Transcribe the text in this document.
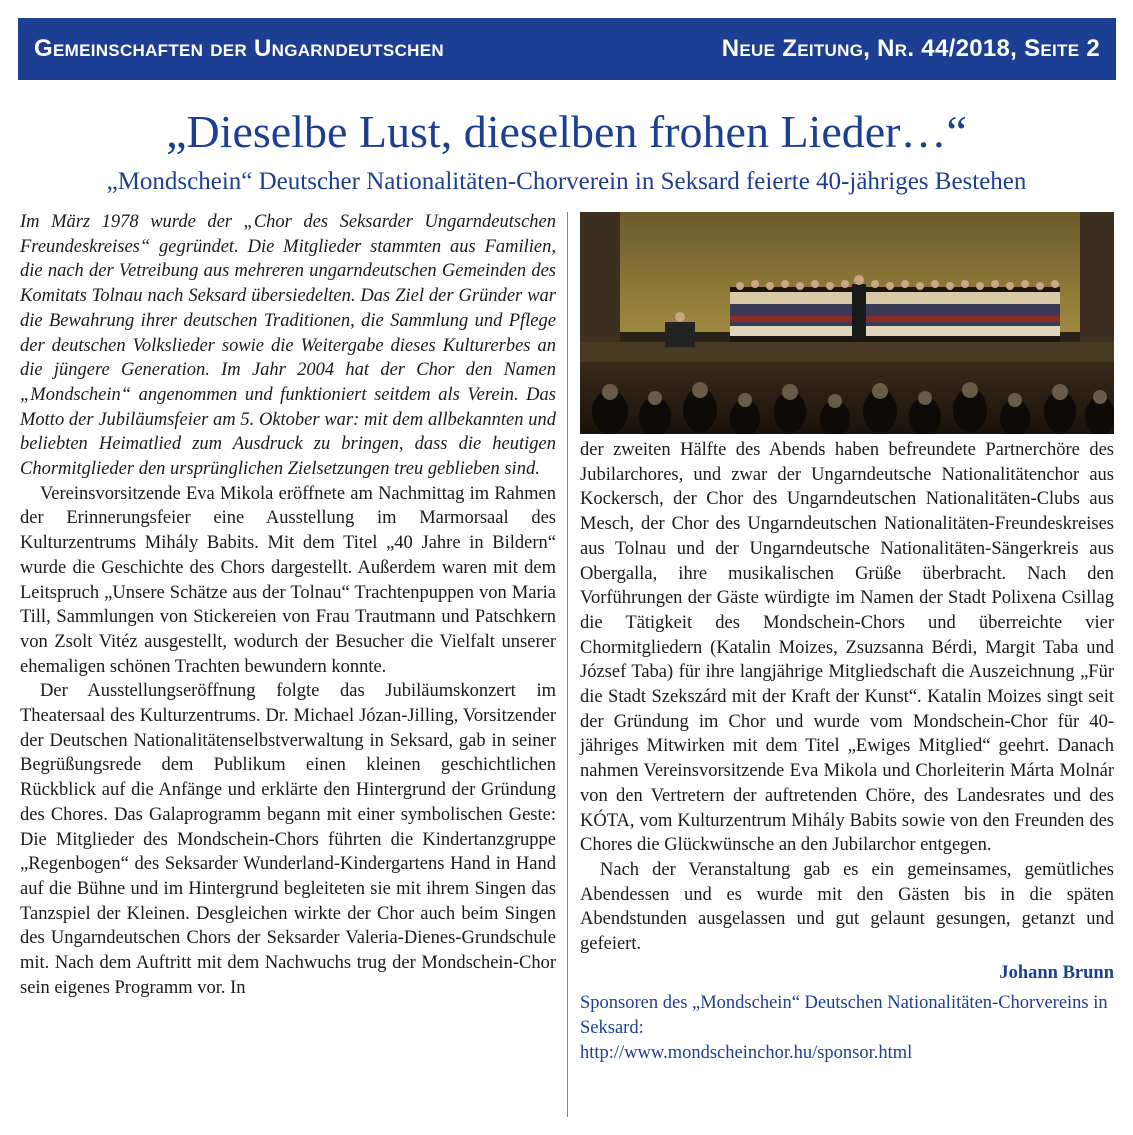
Gemeinschaften der Ungarndeutschen	Neue Zeitung, Nr. 44/2018, Seite 2
„Dieselbe Lust, dieselben frohen Lieder…“
„Mondschein“ Deutscher Nationalitäten-Chorverein in Seksard feierte 40-jähriges Bestehen

Im März 1978 wurde der „Chor des Seksarder Ungarndeutschen Freundeskreises“ gegründet. Die Mitglieder stammten aus Familien, die nach der Vetreibung aus mehreren ungarndeutschen Gemeinden des Komitats Tolnau nach Seksard übersiedelten. Das Ziel der Gründer war die Bewahrung ihrer deutschen Traditionen, die Sammlung und Pflege der deutschen Volkslieder sowie die Weitergabe dieses Kulturerbes an die jüngere Generation. Im Jahr 2004 hat der Chor den Namen „Mondschein“ angenommen und funktioniert seitdem als Verein. Das Motto der Jubiläumsfeier am 5. Oktober war: mit dem allbekannten und beliebten Heimatlied zum Ausdruck zu bringen, dass die heutigen Chormitglieder den ursprünglichen Zielsetzungen treu geblieben sind.

Vereinsvorsitzende Eva Mikola eröffnete am Nachmittag im Rahmen der Erinnerungsfeier eine Ausstellung im Marmorsaal des Kulturzentrums Mihály Babits. Mit dem Titel „40 Jahre in Bildern“ wurde die Geschichte des Chors dargestellt. Außerdem waren mit dem Leitspruch „Unsere Schätze aus der Tolnau“ Trachtenpuppen von Maria Till, Sammlungen von Stickereien von Frau Trautmann und Patschkern von Zsolt Vitéz ausgestellt, wodurch der Besucher die Vielfalt unserer ehemaligen schönen Trachten bewundern konnte.

Der Ausstellungseröffnung folgte das Jubiläumskonzert im Theatersaal des Kulturzentrums. Dr. Michael Józan-Jilling, Vorsitzender der Deutschen Nationalitätenselbstverwaltung in Seksard, gab in seiner Begrüßungsrede dem Publikum einen kleinen geschichtlichen Rückblick auf die Anfänge und erklärte den Hintergrund der Gründung des Chores. Das Galaprogramm begann mit einer symbolischen Geste: Die Mitglieder des Mondschein-Chors führten die Kindertanzgruppe „Regenbogen“ des Seksarder Wunderland-Kindergartens Hand in Hand auf die Bühne und im Hintergrund begleiteten sie mit ihrem Singen das Tanzspiel der Kleinen. Desgleichen wirkte der Chor auch beim Singen des Ungarndeutschen Chors der Seksarder Valeria-Dienes-Grundschule mit. Nach dem Auftritt mit dem Nachwuchs trug der Mondschein-Chor sein eigenes Programm vor. In

der zweiten Hälfte des Abends haben befreundete Partnerchöre des Jubilarchores, und zwar der Ungarndeutsche Nationalitätenchor aus Kockersch, der Chor des Ungarndeutschen Nationalitäten-Clubs aus Mesch, der Chor des Ungarndeutschen Nationalitäten-Freundeskreises aus Tolnau und der Ungarndeutsche Nationalitäten-Sängerkreis aus Obergalla, ihre musikalischen Grüße überbracht. Nach den Vorführungen der Gäste würdigte im Namen der Stadt Polixena Csillag die Tätigkeit des Mondschein-Chors und überreichte vier Chormitgliedern (Katalin Moizes, Zsuzsanna Bérdi, Margit Taba und József Taba) für ihre langjährige Mitgliedschaft die Auszeichnung „Für die Stadt Szekszárd mit der Kraft der Kunst“. Katalin Moizes singt seit der Gründung im Chor und wurde vom Mondschein-Chor für 40-jähriges Mitwirken mit dem Titel „Ewiges Mitglied“ geehrt. Danach nahmen Vereinsvorsitzende Eva Mikola und Chorleiterin Márta Molnár von den Vertretern der auftretenden Chöre, des Landesrates und des KÓTA, vom Kulturzentrum Mihály Babits sowie von den Freunden des Chores die Glückwünsche an den Jubilarchor entgegen.

Nach der Veranstaltung gab es ein gemeinsames, gemütliches Abendessen und es wurde mit den Gästen bis in die späten Abendstunden ausgelassen und gut gelaunt gesungen, getanzt und gefeiert.

Johann Brunn

Sponsoren des „Mondschein“ Deutschen Nationalitäten-Chorvereins in Seksard:
http://www.mondscheinchor.hu/sponsor.html
